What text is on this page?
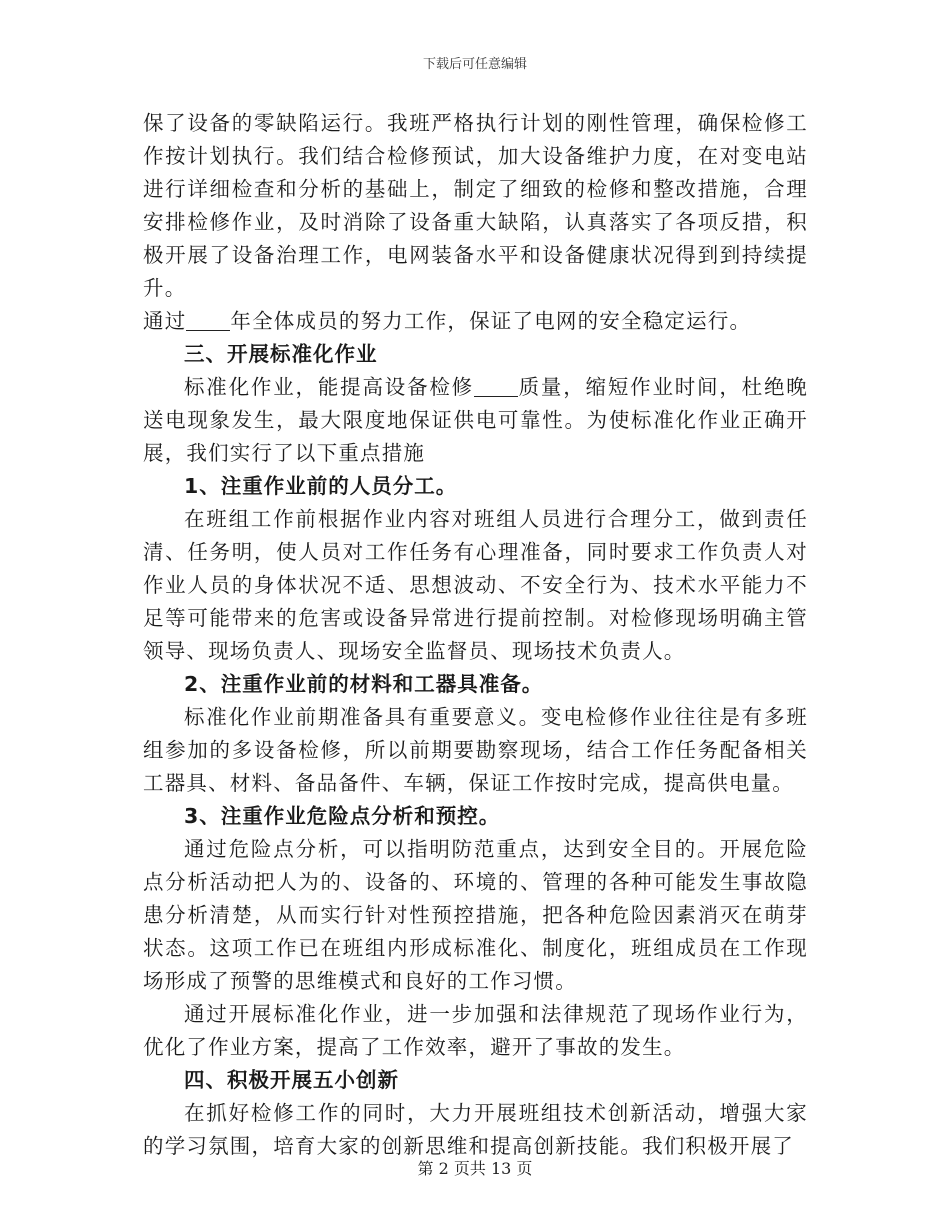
下载后可任意编辑

保了设备的零缺陷运行。我班严格执行计划的刚性管理，确保检修工作按计划执行。我们结合检修预试，加大设备维护力度，在对变电站进行详细检查和分析的基础上，制定了细致的检修和整改措施，合理安排检修作业，及时消除了设备重大缺陷，认真落实了各项反措，积极开展了设备治理工作，电网装备水平和设备健康状况得到到持续提升。

通过 年全体成员的努力工作，保证了电网的安全稳定运行。

三、开展标准化作业

标准化作业，能提高设备检修 质量，缩短作业时间，杜绝晚送电现象发生，最大限度地保证供电可靠性。为使标准化作业正确开展，我们实行了以下重点措施

1、注重作业前的人员分工。

在班组工作前根据作业内容对班组人员进行合理分工，做到责任清、任务明，使人员对工作任务有心理准备，同时要求工作负责人对作业人员的身体状况不适、思想波动、不安全行为、技术水平能力不足等可能带来的危害或设备异常进行提前控制。对检修现场明确主管领导、现场负责人、现场安全监督员、现场技术负责人。

2、注重作业前的材料和工器具准备。

标准化作业前期准备具有重要意义。变电检修作业往往是有多班组参加的多设备检修，所以前期要勘察现场，结合工作任务配备相关工器具、材料、备品备件、车辆，保证工作按时完成，提高供电量。

3、注重作业危险点分析和预控。

通过危险点分析，可以指明防范重点，达到安全目的。开展危险点分析活动把人为的、设备的、环境的、管理的各种可能发生事故隐患分析清楚，从而实行针对性预控措施，把各种危险因素消灭在萌芽状态。这项工作已在班组内形成标准化、制度化，班组成员在工作现场形成了预警的思维模式和良好的工作习惯。

通过开展标准化作业，进一步加强和法律规范了现场作业行为，优化了作业方案，提高了工作效率，避开了事故的发生。

四、积极开展五小创新

在抓好检修工作的同时，大力开展班组技术创新活动，增强大家的学习氛围，培育大家的创新思维和提高创新技能。我们积极开展了

第 2 页共 13 页
